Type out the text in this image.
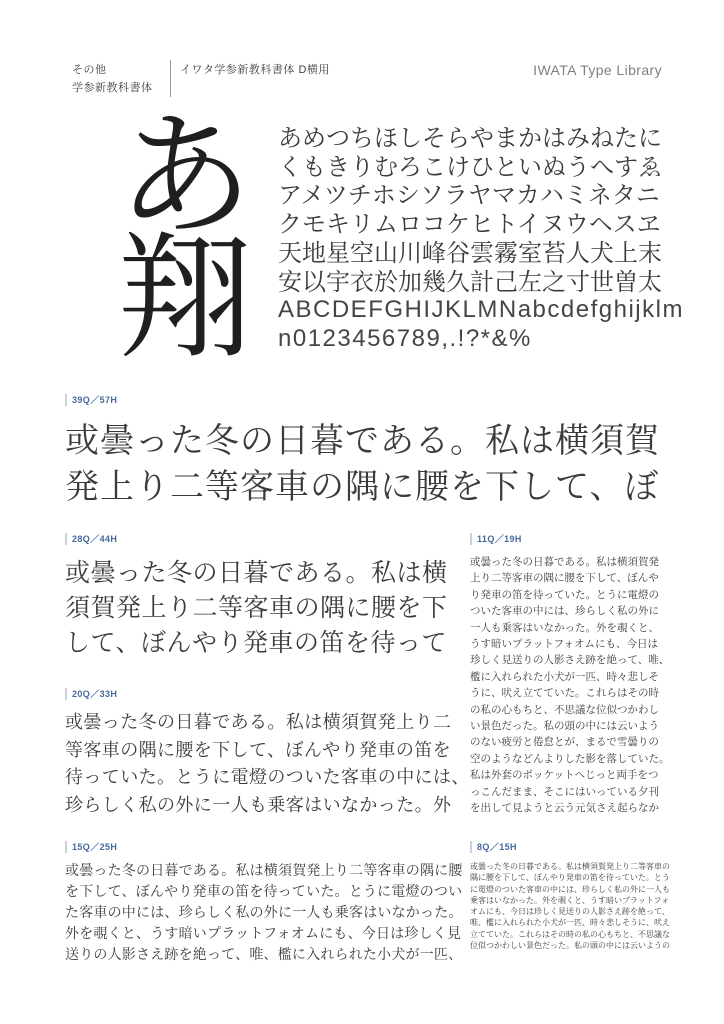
その他
学参新教科書体
イワタ学参新教科書体 D横用	IWATA Type Library
あ
翔
あめつちほしそらやまかはみねたに
くもきりむろこけひといぬうへすゑ
アメツチホシソラヤマカハミネタニ
クモキリムロコケヒトイヌウヘスヱ
天地星空山川峰谷雲霧室苔人犬上末
安以宇衣於加幾久計己左之寸世曽太
ABCDEFGHIJKLMNabcdefghijklm
n0123456789,.!?*&%
39Q／57H
或曇った冬の日暮である。私は横須賀
発上り二等客車の隅に腰を下して、ぼ
28Q／44H
或曇った冬の日暮である。私は横
須賀発上り二等客車の隅に腰を下
して、ぼんやり発車の笛を待って
20Q／33H
或曇った冬の日暮である。私は横須賀発上り二
等客車の隅に腰を下して、ぼんやり発車の笛を
待っていた。とうに電燈のついた客車の中には、
珍らしく私の外に一人も乗客はいなかった。外
15Q／25H
或曇った冬の日暮である。私は横須賀発上り二等客車の隅に腰
を下して、ぼんやり発車の笛を待っていた。とうに電燈のつい
た客車の中には、珍らしく私の外に一人も乗客はいなかった。
外を覗くと、うす暗いプラットフォオムにも、今日は珍しく見
送りの人影さえ跡を絶って、唯、檻に入れられた小犬が一匹、
11Q／19H
或曇った冬の日暮である。私は横須賀発
上り二等客車の隅に腰を下して、ぼんや
り発車の笛を待っていた。とうに電燈の
ついた客車の中には、珍らしく私の外に
一人も乗客はいなかった。外を覗くと、
うす暗いプラットフォオムにも、今日は
珍しく見送りの人影さえ跡を絶って、唯、
檻に入れられた小犬が一匹、時々悲しそ
うに、吠え立てていた。これらはその時
の私の心もちと、不思議な位似つかわし
い景色だった。私の頭の中には云いよう
のない疲労と倦怠とが、まるで雪曇りの
空のようなどんよりした影を落していた。
私は外套のポッケットへじっと両手をつ
っこんだまま、そこにはいっている夕刊
を出して見ようと云う元気さえ起らなか
8Q／15H
或曇った冬の日暮である。私は横須賀発上り二等客車の
隅に腰を下して、ぼんやり発車の笛を待っていた。とう
に電燈のついた客車の中には、珍らしく私の外に一人も
乗客はいなかった。外を覗くと、うす暗いプラットフォ
オムにも、今日は珍しく見送りの人影さえ跡を絶って、
唯、檻に入れられた小犬が一匹、時々悲しそうに、吠え
立てていた。これらはその時の私の心もちと、不思議な
位似つかわしい景色だった。私の頭の中には云いようの
